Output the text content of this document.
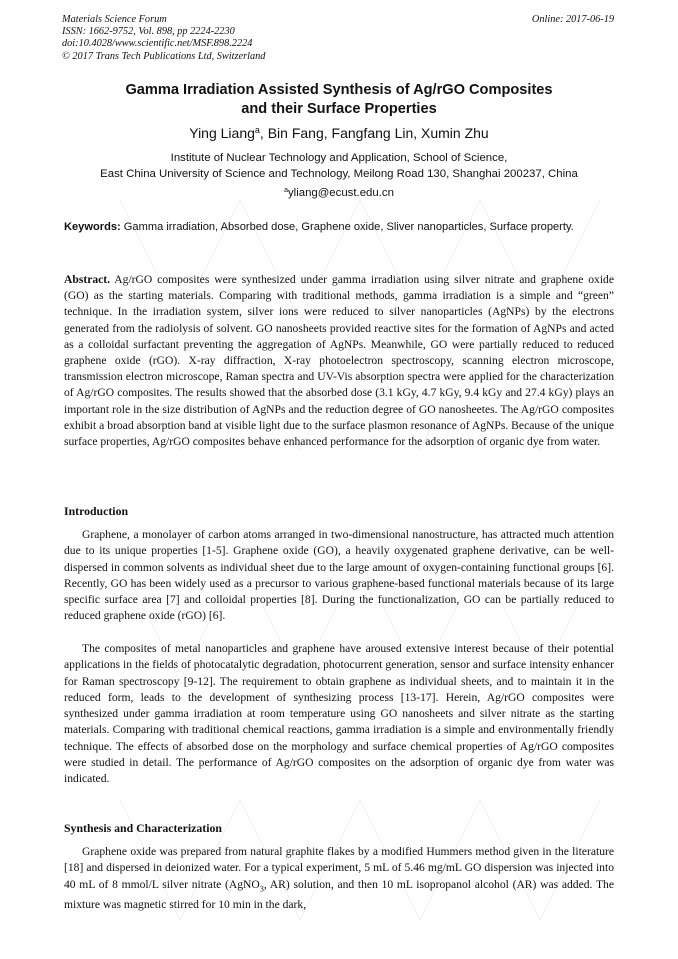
Materials Science Forum
ISSN: 1662-9752, Vol. 898, pp 2224-2230
doi:10.4028/www.scientific.net/MSF.898.2224
© 2017 Trans Tech Publications Ltd, Switzerland
Online: 2017-06-19
Gamma Irradiation Assisted Synthesis of Ag/rGO Composites
and their Surface Properties
Ying Liang$^a$, Bin Fang, Fangfang Lin, Xumin Zhu
Institute of Nuclear Technology and Application, School of Science,
East China University of Science and Technology, Meilong Road 130, Shanghai 200237, China
$^a$yliang@ecust.edu.cn
Keywords: Gamma irradiation, Absorbed dose, Graphene oxide, Sliver nanoparticles, Surface property.
Abstract. Ag/rGO composites were synthesized under gamma irradiation using silver nitrate and graphene oxide (GO) as the starting materials. Comparing with traditional methods, gamma irradiation is a simple and “green” technique. In the irradiation system, silver ions were reduced to silver nanoparticles (AgNPs) by the electrons generated from the radiolysis of solvent. GO nanosheets provided reactive sites for the formation of AgNPs and acted as a colloidal surfactant preventing the aggregation of AgNPs. Meanwhile, GO were partially reduced to reduced graphene oxide (rGO). X-ray diffraction, X-ray photoelectron spectroscopy, scanning electron microscope, transmission electron microscope, Raman spectra and UV-Vis absorption spectra were applied for the characterization of Ag/rGO composites. The results showed that the absorbed dose (3.1 kGy, 4.7 kGy, 9.4 kGy and 27.4 kGy) plays an important role in the size distribution of AgNPs and the reduction degree of GO nanosheetes. The Ag/rGO composites exhibit a broad absorption band at visible light due to the surface plasmon resonance of AgNPs. Because of the unique surface properties, Ag/rGO composites behave enhanced performance for the adsorption of organic dye from water.
Introduction
Graphene, a monolayer of carbon atoms arranged in two-dimensional nanostructure, has attracted much attention due to its unique properties [1-5]. Graphene oxide (GO), a heavily oxygenated graphene derivative, can be well-dispersed in common solvents as individual sheet due to the large amount of oxygen-containing functional groups [6]. Recently, GO has been widely used as a precursor to various graphene-based functional materials because of its large specific surface area [7] and colloidal properties [8]. During the functionalization, GO can be partially reduced to reduced graphene oxide (rGO) [6].
The composites of metal nanoparticles and graphene have aroused extensive interest because of their potential applications in the fields of photocatalytic degradation, photocurrent generation, sensor and surface intensity enhancer for Raman spectroscopy [9-12]. The requirement to obtain graphene as individual sheets, and to maintain it in the reduced form, leads to the development of synthesizing process [13-17]. Herein, Ag/rGO composites were synthesized under gamma irradiation at room temperature using GO nanosheets and silver nitrate as the starting materials. Comparing with traditional chemical reactions, gamma irradiation is a simple and environmentally friendly technique. The effects of absorbed dose on the morphology and surface chemical properties of Ag/rGO composites were studied in detail. The performance of Ag/rGO composites on the adsorption of organic dye from water was indicated.
Synthesis and Characterization
Graphene oxide was prepared from natural graphite flakes by a modified Hummers method given in the literature [18] and dispersed in deionized water. For a typical experiment, 5 mL of 5.46 mg/mL GO dispersion was injected into 40 mL of 8 mmol/L silver nitrate (AgNO$_3$, AR) solution, and then 10 mL isopropanol alcohol (AR) was added. The mixture was magnetic stirred for 10 min in the dark,
